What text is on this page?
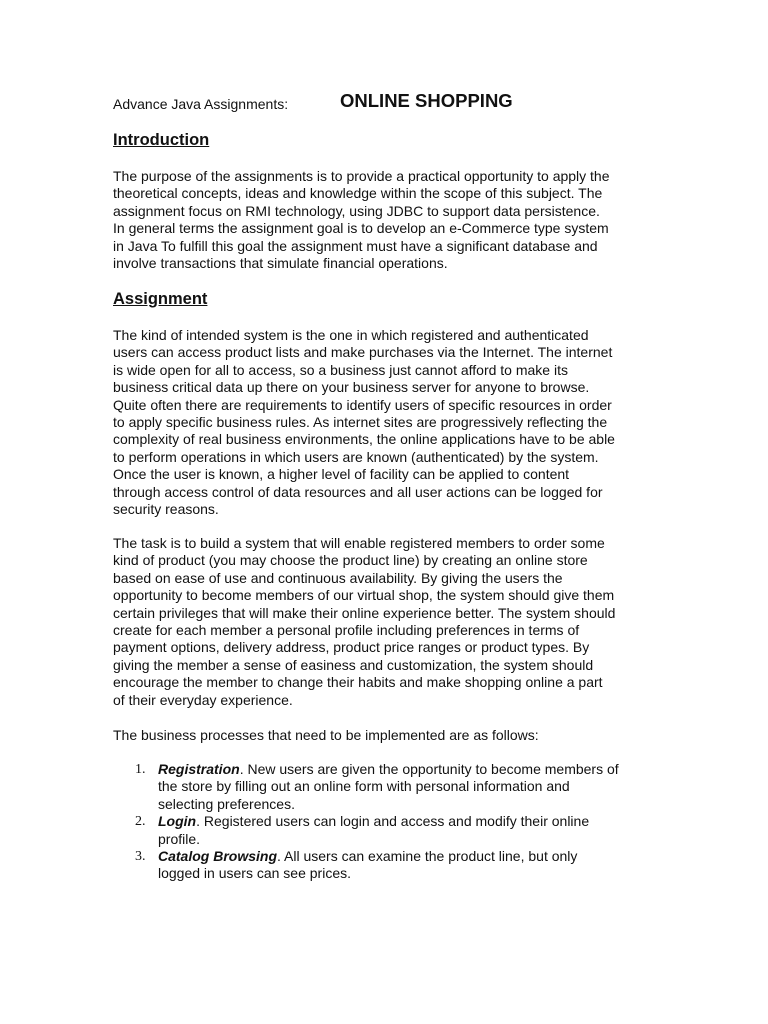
Advance Java Assignments:	ONLINE SHOPPING
Introduction

The purpose of the assignments is to provide a practical opportunity to apply the
theoretical concepts, ideas and knowledge within the scope of this subject. The
assignment focus on RMI technology, using JDBC to support data persistence.
In general terms the assignment goal is to develop an e-Commerce type system
in Java To fulfill this goal the assignment must have a significant database and
involve transactions that simulate financial operations.

Assignment

The kind of intended system is the one in which registered and authenticated
users can access product lists and make purchases via the Internet. The internet
is wide open for all to access, so a business just cannot afford to make its
business critical data up there on your business server for anyone to browse.
Quite often there are requirements to identify users of specific resources in order
to apply specific business rules. As internet sites are progressively reflecting the
complexity of real business environments, the online applications have to be able
to perform operations in which users are known (authenticated) by the system.
Once the user is known, a higher level of facility can be applied to content
through access control of data resources and all user actions can be logged for
security reasons.

The task is to build a system that will enable registered members to order some
kind of product (you may choose the product line) by creating an online store
based on ease of use and continuous availability. By giving the users the
opportunity to become members of our virtual shop, the system should give them
certain privileges that will make their online experience better. The system should
create for each member a personal profile including preferences in terms of
payment options, delivery address, product price ranges or product types. By
giving the member a sense of easiness and customization, the system should
encourage the member to change their habits and make shopping online a part
of their everyday experience.

The business processes that need to be implemented are as follows:

1. Registration. New users are given the opportunity to become members of
the store by filling out an online form with personal information and
selecting preferences.
2. Login. Registered users can login and access and modify their online
profile.
3. Catalog Browsing. All users can examine the product line, but only
logged in users can see prices.
